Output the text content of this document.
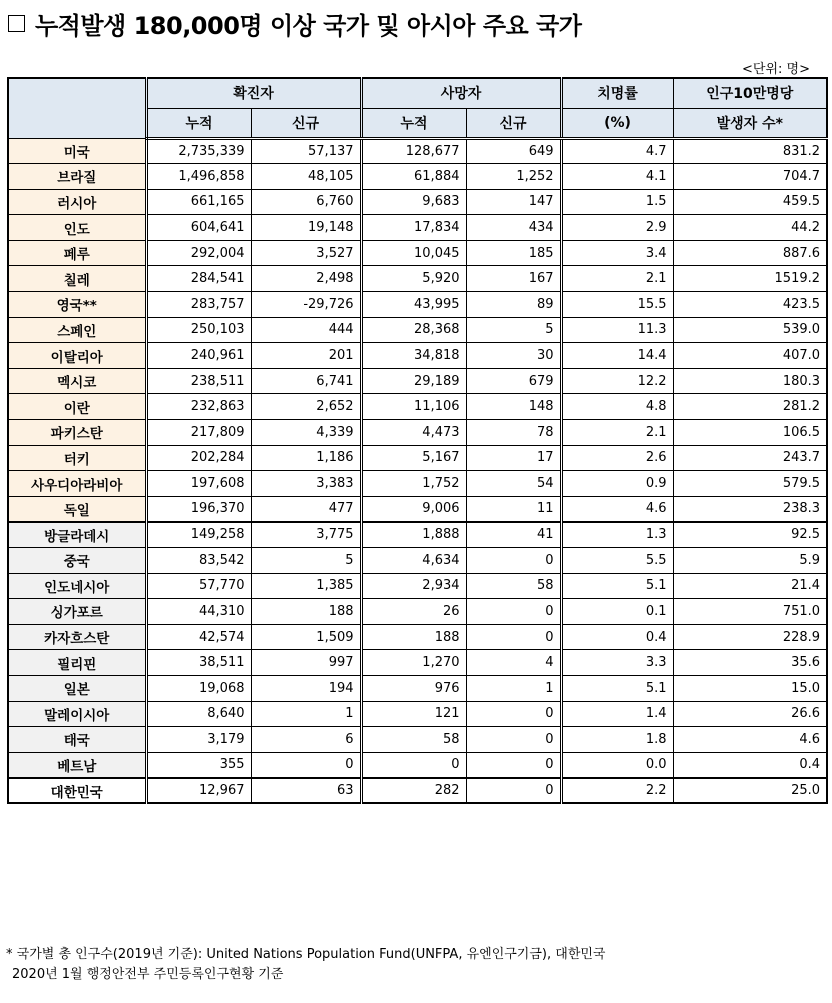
누적발생 180,000명 이상 국가 및 아시아 주요 국가
<단위: 명>
	확진자		사망자		치명률	인구10만명당
	누적	신규	누적	신규	(%)	발생자 수*
미국	2,735,339	57,137	128,677	649	4.7	831.2
브라질	1,496,858	48,105	61,884	1,252	4.1	704.7
러시아	661,165	6,760	9,683	147	1.5	459.5
인도	604,641	19,148	17,834	434	2.9	44.2
페루	292,004	3,527	10,045	185	3.4	887.6
칠레	284,541	2,498	5,920	167	2.1	1519.2
영국**	283,757	-29,726	43,995	89	15.5	423.5
스페인	250,103	444	28,368	5	11.3	539.0
이탈리아	240,961	201	34,818	30	14.4	407.0
멕시코	238,511	6,741	29,189	679	12.2	180.3
이란	232,863	2,652	11,106	148	4.8	281.2
파키스탄	217,809	4,339	4,473	78	2.1	106.5
터키	202,284	1,186	5,167	17	2.6	243.7
사우디아라비아	197,608	3,383	1,752	54	0.9	579.5
독일	196,370	477	9,006	11	4.6	238.3
방글라데시	149,258	3,775	1,888	41	1.3	92.5
중국	83,542	5	4,634	0	5.5	5.9
인도네시아	57,770	1,385	2,934	58	5.1	21.4
싱가포르	44,310	188	26	0	0.1	751.0
카자흐스탄	42,574	1,509	188	0	0.4	228.9
필리핀	38,511	997	1,270	4	3.3	35.6
일본	19,068	194	976	1	5.1	15.0
말레이시아	8,640	1	121	0	1.4	26.6
태국	3,179	6	58	0	1.8	4.6
베트남	355	0	0	0	0.0	0.4
대한민국	12,967	63	282	0	2.2	25.0
* 국가별 총 인구수(2019년 기준): United Nations Population Fund(UNFPA, 유엔인구기금), 대한민국
2020년 1월 행정안전부 주민등록인구현황 기준
